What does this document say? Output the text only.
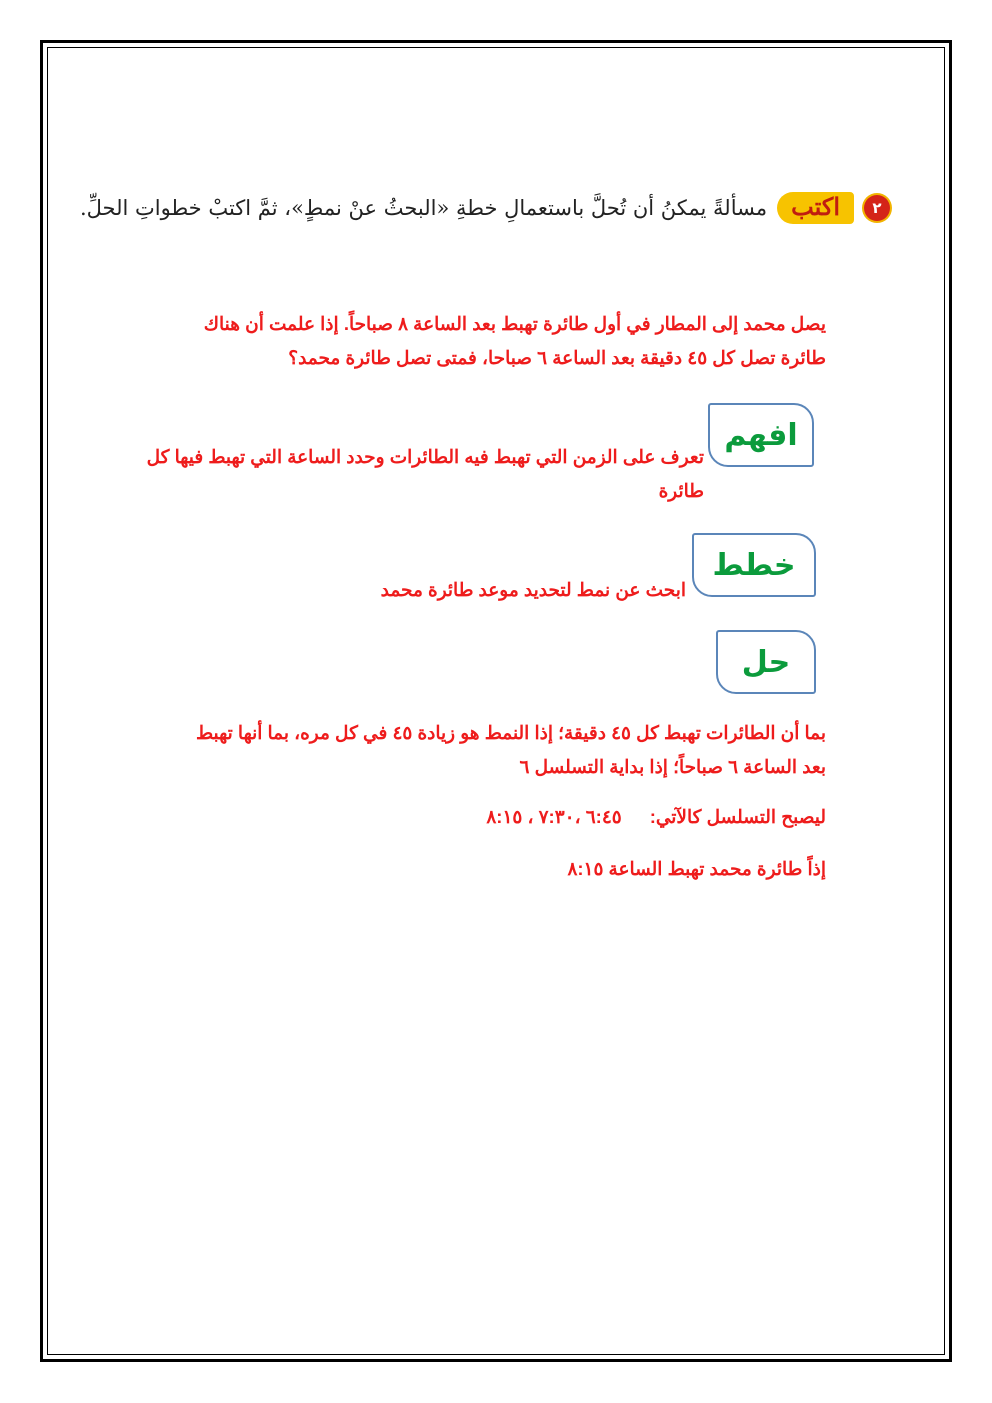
٢
اكتب
مسألةً يمكنُ أن تُحلَّ باستعمالِ خطةِ «البحثُ عنْ نمطٍ»، ثمَّ اكتبْ خطواتِ الحلِّ.
يصل محمد إلى المطار في أول طائرة تهبط بعد الساعة ٨ صباحاً. إذا علمت أن هناك
طائرة تصل كل ٤٥ دقيقة بعد الساعة ٦ صباحا، فمتى تصل طائرة محمد؟
افهم
تعرف على الزمن التي تهبط فيه الطائرات وحدد الساعة التي تهبط فيها كل
طائرة
خطط
ابحث عن نمط لتحديد موعد طائرة محمد
حل
بما أن الطائرات تهبط كل ٤٥ دقيقة؛ إذا النمط هو زيادة ٤٥ في كل مره، بما أنها تهبط
بعد الساعة ٦ صباحاً؛ إذا بداية التسلسل ٦
ليصبح التسلسل كالآتي:
٦:٤٥ ،٧:٣٠ ، ٨:١٥
إذاً طائرة محمد تهبط الساعة ٨:١٥
